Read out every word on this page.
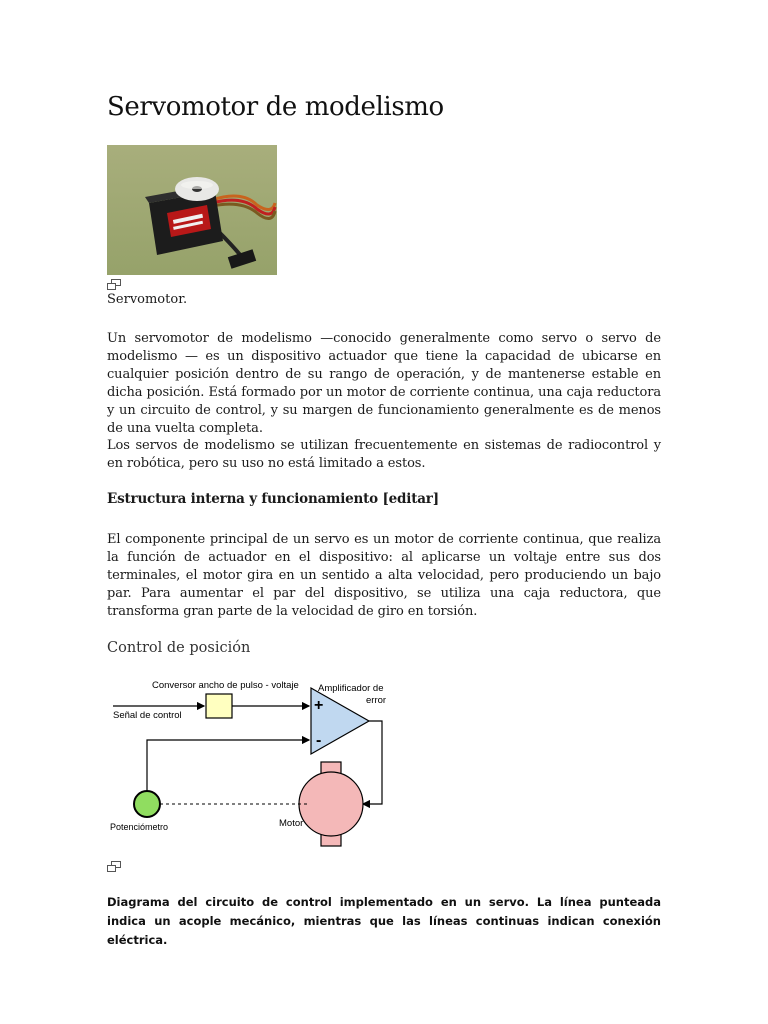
Servomotor de modelismo

Servomotor.

Un servomotor de modelismo —conocido generalmente como servo o servo de modelismo — es un dispositivo actuador que tiene la capacidad de ubicarse en cualquier posición dentro de su rango de operación, y de mantenerse estable en dicha posición. Está formado por un motor de corriente continua, una caja reductora y un circuito de control, y su margen de funcionamiento generalmente es de menos de una vuelta completa.

Los servos de modelismo se utilizan frecuentemente en sistemas de radiocontrol y en robótica, pero su uso no está limitado a estos.

Estructura interna y funcionamiento [editar]

El componente principal de un servo es un motor de corriente continua, que realiza la función de actuador en el dispositivo: al aplicarse un voltaje entre sus dos terminales, el motor gira en un sentido a alta velocidad, pero produciendo un bajo par. Para aumentar el par del dispositivo, se utiliza una caja reductora, que transforma gran parte de la velocidad de giro en torsión.

Control de posición
Conversor ancho de pulso - voltaje Amplificador de
error
Señal de control
Potenciómetro	Motor
+
-

Diagrama del circuito de control implementado en un servo. La línea punteada indica un acople mecánico, mientras que las líneas continuas indican conexión eléctrica.
